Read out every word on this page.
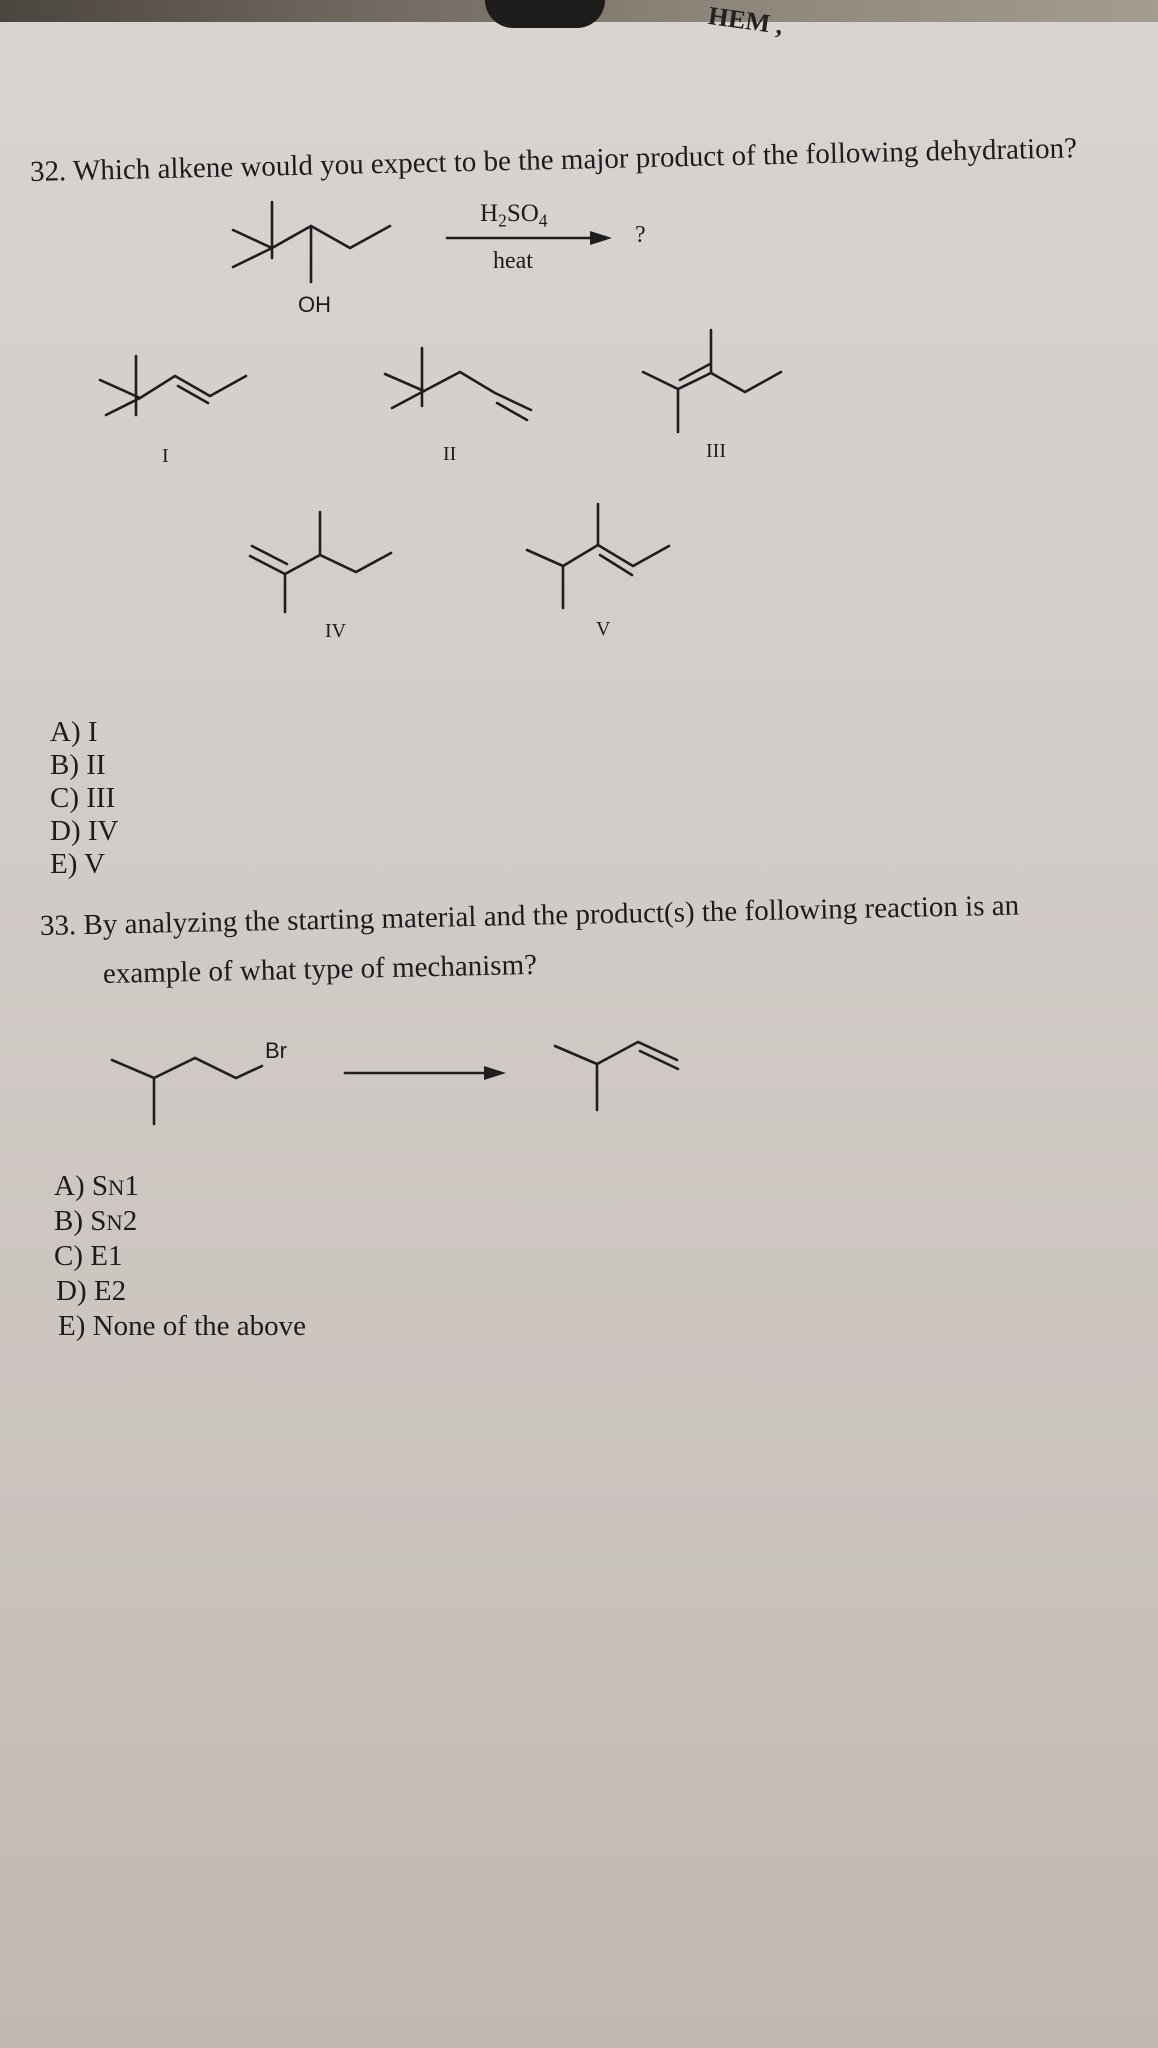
HEM ,
32. Which alkene would you expect to be the major product of the following dehydration?
$H_2SO_4$
heat
?
OH
I	II	III
IV	V
A) I
B) II
C) III
D) IV
E) V
33. By analyzing the starting material and the product(s) the following reaction is an
example of what type of mechanism?
Br
A) SN1
B) SN2
C) E1
D) E2
E) None of the above
